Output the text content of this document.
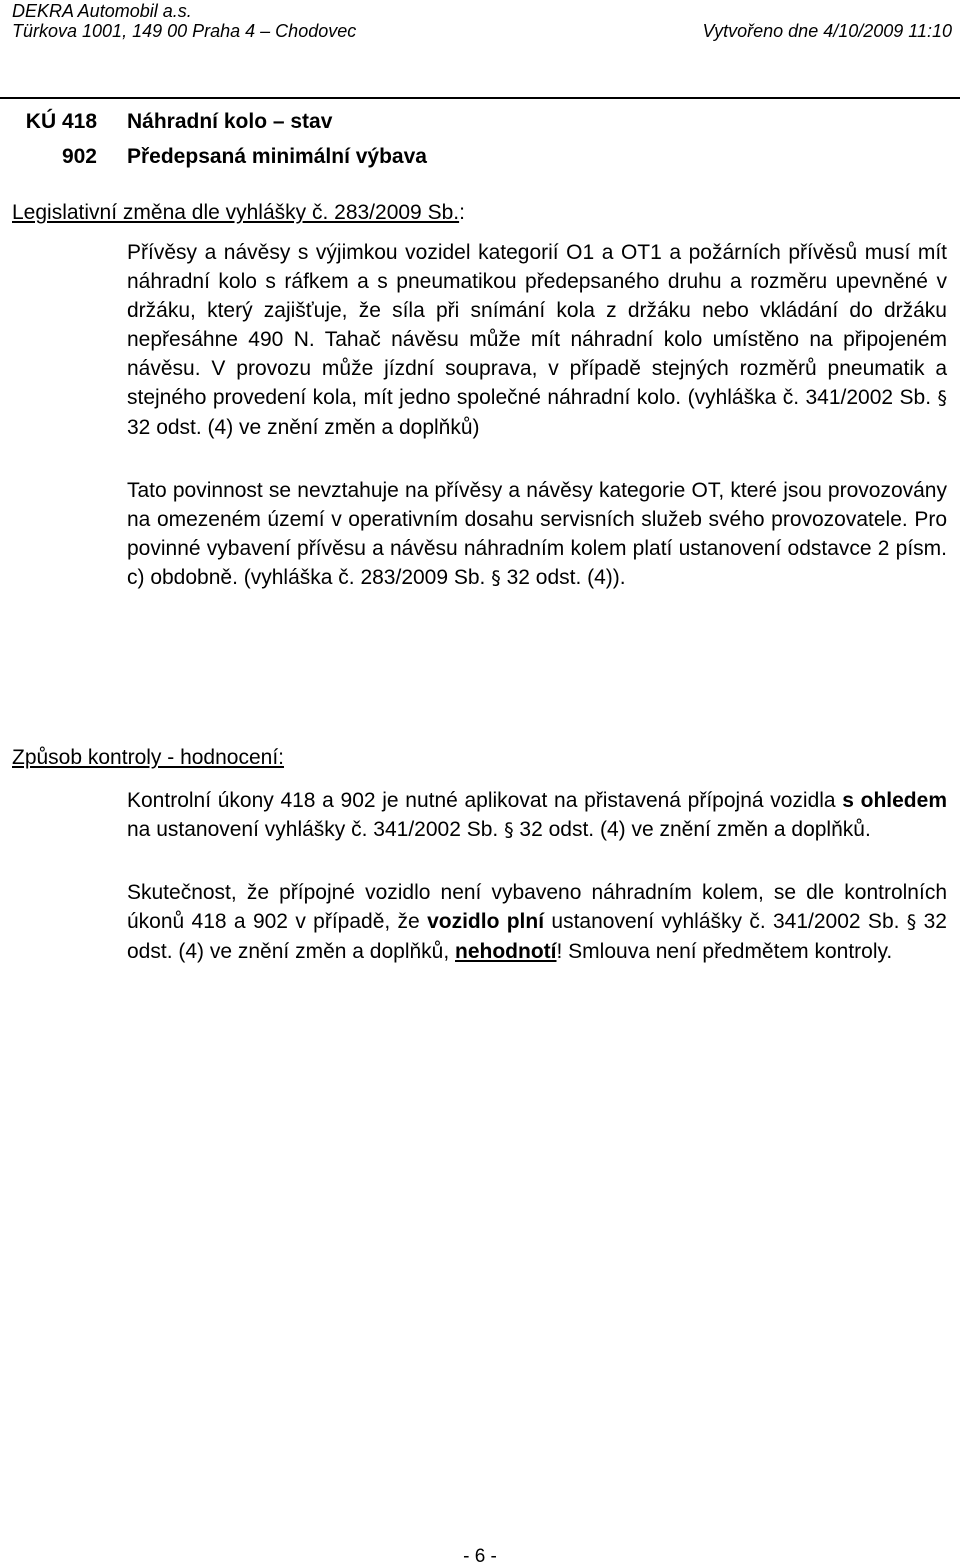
DEKRA Automobil a.s.
Türkova 1001, 149 00 Praha 4 – Chodovec	Vytvořeno dne 4/10/2009 11:10
KÚ 418 Náhradní kolo – stav
902 Předepsaná minimální výbava
Legislativní změna dle vyhlášky č. 283/2009 Sb.:

Přívěsy a návěsy s výjimkou vozidel kategorií O1 a OT1 a požárních přívěsů musí mít náhradní kolo s ráfkem a s pneumatikou předepsaného druhu a rozměru upevněné v držáku, který zajišťuje, že síla při snímání kola z držáku nebo vkládání do držáku nepřesáhne 490 N. Tahač návěsu může mít náhradní kolo umístěno na připojeném návěsu. V provozu může jízdní souprava, v případě stejných rozměrů pneumatik a stejného provedení kola, mít jedno společné náhradní kolo. (vyhláška č. 341/2002 Sb. § 32 odst. (4) ve znění změn a doplňků)

Tato povinnost se nevztahuje na přívěsy a návěsy kategorie OT, které jsou provozovány na omezeném území v operativním dosahu servisních služeb svého provozovatele. Pro povinné vybavení přívěsu a návěsu náhradním kolem platí ustanovení odstavce 2 písm. c) obdobně. (vyhláška č. 283/2009 Sb. § 32 odst. (4)).

Způsob kontroly - hodnocení:

Kontrolní úkony 418 a 902 je nutné aplikovat na přistavená přípojná vozidla s ohledem na ustanovení vyhlášky č. 341/2002 Sb. § 32 odst. (4) ve znění změn a doplňků.

Skutečnost, že přípojné vozidlo není vybaveno náhradním kolem, se dle kontrolních úkonů 418 a 902 v případě, že vozidlo plní ustanovení vyhlášky č. 341/2002 Sb. § 32 odst. (4) ve znění změn a doplňků, nehodnotí! Smlouva není předmětem kontroly.

- 6 -
